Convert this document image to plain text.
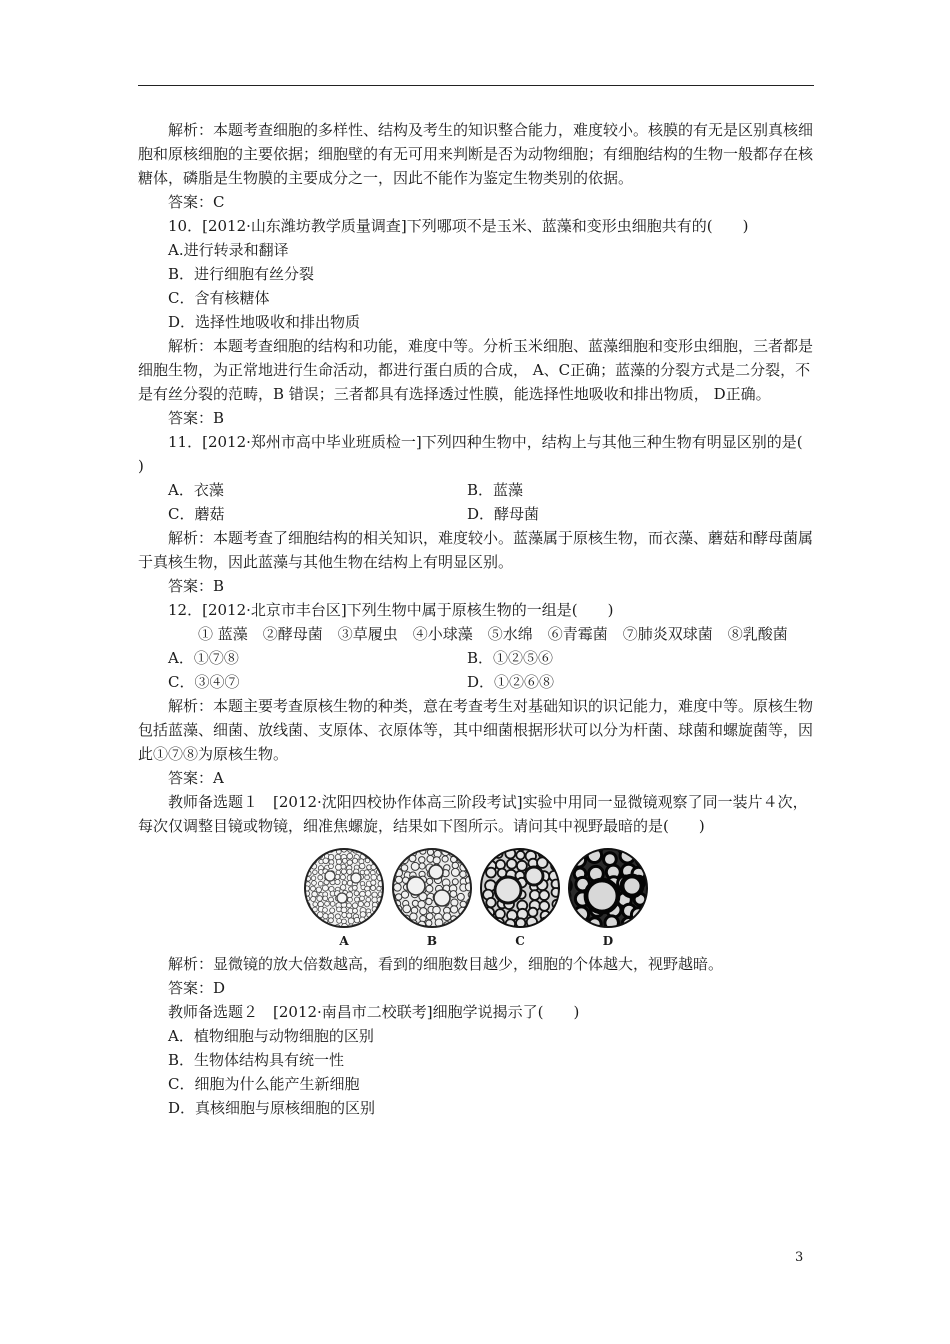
解析：本题考查细胞的多样性、结构及考生的知识整合能力，难度较小。核膜的有无是区别真核细胞和原核细胞的主要依据；细胞壁的有无可用来判断是否为动物细胞；有细胞结构的生物一般都存在核糖体，磷脂是生物膜的主要成分之一，因此不能作为鉴定生物类别的依据。

答案：C

10．[2012·山东潍坊教学质量调查]下列哪项不是玉米、蓝藻和变形虫细胞共有的(　　)

A.进行转录和翻译

B．进行细胞有丝分裂

C．含有核糖体

D．选择性地吸收和排出物质

解析：本题考查细胞的结构和功能，难度中等。分析玉米细胞、蓝藻细胞和变形虫细胞，三者都是细胞生物，为正常地进行生命活动，都进行蛋白质的合成， A、C正确；蓝藻的分裂方式是二分裂，不是有丝分裂的范畴，B 错误；三者都具有选择透过性膜，能选择性地吸收和排出物质， D正确。

答案：B

11．[2012·郑州市高中毕业班质检一]下列四种生物中，结构上与其他三种生物有明显区别的是(　　)

A．衣藻	B．蓝藻
C．蘑菇	D．酵母菌

解析：本题考查了细胞结构的相关知识，难度较小。蓝藻属于原核生物，而衣藻、蘑菇和酵母菌属于真核生物，因此蓝藻与其他生物在结构上有明显区别。

答案：B

12．[2012·北京市丰台区]下列生物中属于原核生物的一组是(　　)

① 蓝藻　②酵母菌　③草履虫　④小球藻　⑤水绵　⑥青霉菌　⑦肺炎双球菌　⑧乳酸菌

A．①⑦⑧	B．①②⑤⑥
C．③④⑦	D．①②⑥⑧

解析：本题主要考查原核生物的种类，意在考查考生对基础知识的识记能力，难度中等。原核生物包括蓝藻、细菌、放线菌、支原体、衣原体等，其中细菌根据形状可以分为杆菌、球菌和螺旋菌等，因此①⑦⑧为原核生物。

答案：A

教师备选题１　[2012·沈阳四校协作体高三阶段考试]实验中用同一显微镜观察了同一装片４次，每次仅调整目镜或物镜，细准焦螺旋，结果如下图所示。请问其中视野最暗的是(　　)

A	B	C	D

解析：显微镜的放大倍数越高，看到的细胞数目越少，细胞的个体越大，视野越暗。

答案：D

教师备选题２　[2012·南昌市二校联考]细胞学说揭示了(　　)

A．植物细胞与动物细胞的区别

B．生物体结构具有统一性

C．细胞为什么能产生新细胞

D．真核细胞与原核细胞的区别

3
